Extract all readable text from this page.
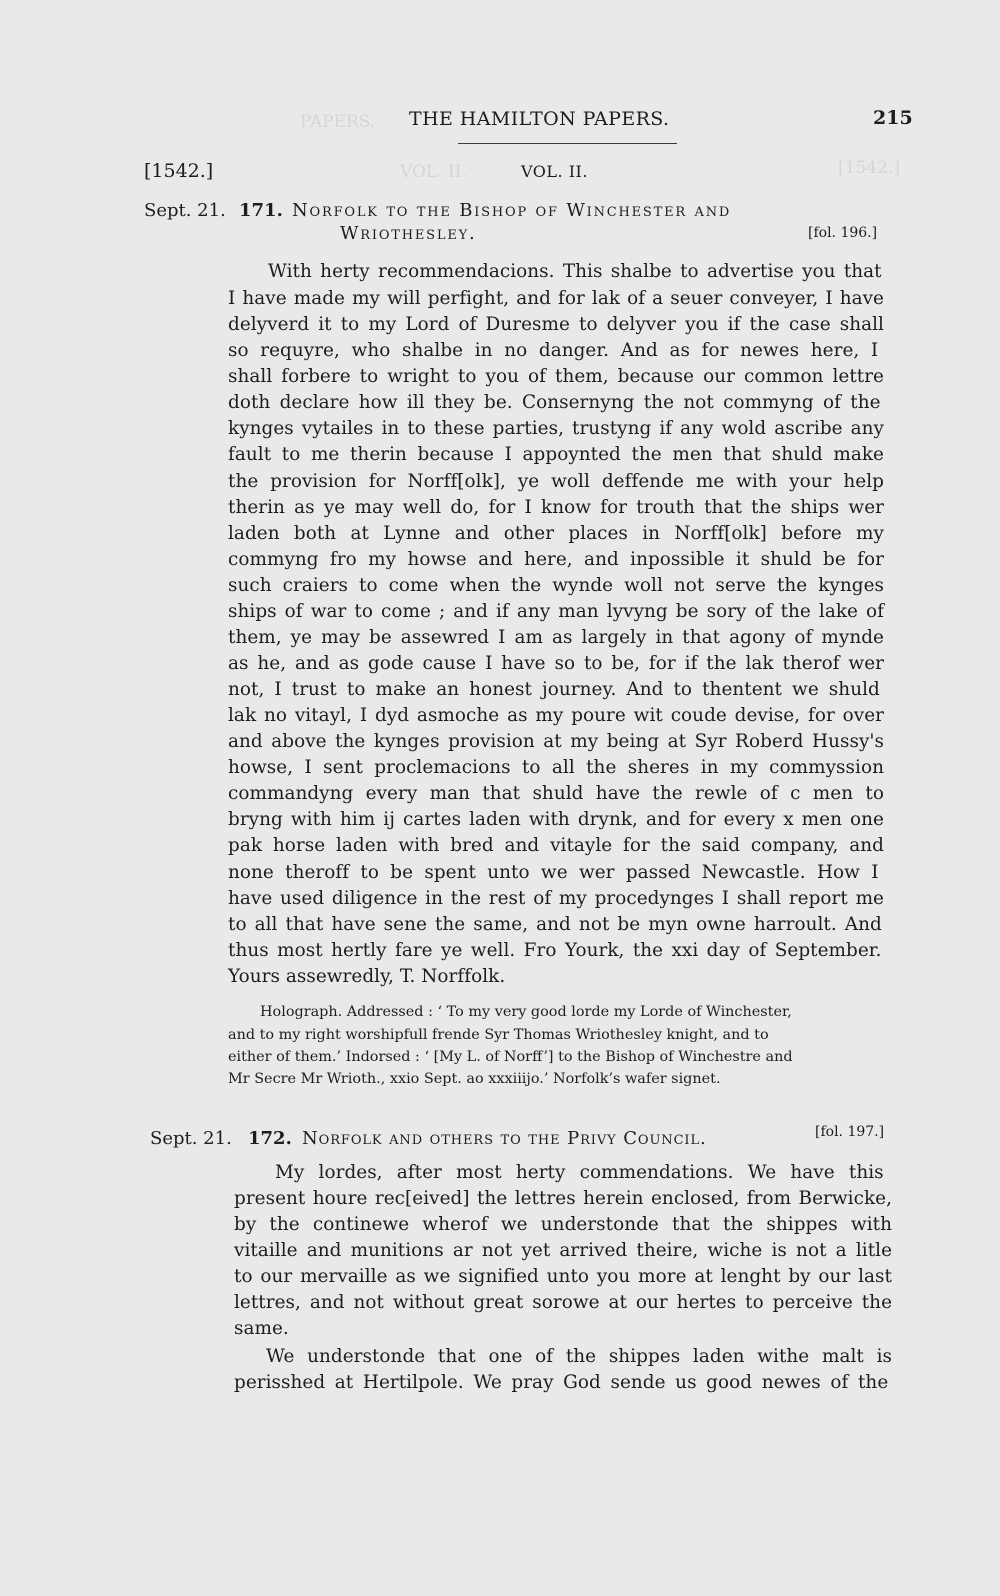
PAPERS.
VOL. II.	[1542.]
THE HAMILTON PAPERS.	215
[1542.]	VOL. II.
Sept. 21. 171. Norfolk to the Bishop of Winchester and
Wriothesley.	[fol. 196.]
With herty recommendacions. This shalbe to advertise you that
I have made my will perfight, and for lak of a seuer conveyer, I have
delyverd it to my Lord of Duresme to delyver you if the case shall
so requyre, who shalbe in no danger. And as for newes here, I
shall forbere to wright to you of them, because our common lettre
doth declare how ill they be. Consernyng the not commyng of the
kynges vytailes in to these parties, trustyng if any wold ascribe any
fault to me therin because I appoynted the men that shuld make
the provision for Norff[olk], ye woll deffende me with your help
therin as ye may well do, for I know for trouth that the ships wer
laden both at Lynne and other places in Norff[olk] before my
commyng fro my howse and here, and inpossible it shuld be for
such craiers to come when the wynde woll not serve the kynges
ships of war to come ; and if any man lyvyng be sory of the lake of
them, ye may be assewred I am as largely in that agony of mynde
as he, and as gode cause I have so to be, for if the lak therof wer
not, I trust to make an honest journey. And to thentent we shuld
lak no vitayl, I dyd asmoche as my poure wit coude devise, for over
and above the kynges provision at my being at Syr Roberd Hussy's
howse, I sent proclemacions to all the sheres in my commyssion
commandyng every man that shuld have the rewle of c men to
bryng with him ij cartes laden with drynk, and for every x men one
pak horse laden with bred and vitayle for the said company, and
none theroff to be spent unto we wer passed Newcastle. How I
have used diligence in the rest of my procedynges I shall report me
to all that have sene the same, and not be myn owne harroult. And
thus most hertly fare ye well. Fro Yourk, the xxi day of September.
Yours assewredly, T. Norffolk.
Holograph. Addressed : ‘ To my very good lorde my Lorde of Winchester,
and to my right worshipfull frende Syr Thomas Wriothesley knight, and to
either of them.’ Indorsed : ‘ [My L. of Norff’] to the Bishop of Winchestre and
Mr Secre Mr Wrioth., xxio Sept. ao xxxiiijo.’ Norfolk’s wafer signet.
Sept. 21. 172. Norfolk and others to the Privy Council.	[fol. 197.]
My lordes, after most herty commendations. We have this
present houre rec[eived] the lettres herein enclosed, from Berwicke,
by the continewe wherof we understonde that the shippes with
vitaille and munitions ar not yet arrived theire, wiche is not a litle
to our mervaille as we signified unto you more at lenght by our last
lettres, and not without great sorowe at our hertes to perceive the
same.
We understonde that one of the shippes laden withe malt is
perisshed at Hertilpole. We pray God sende us good newes of the
